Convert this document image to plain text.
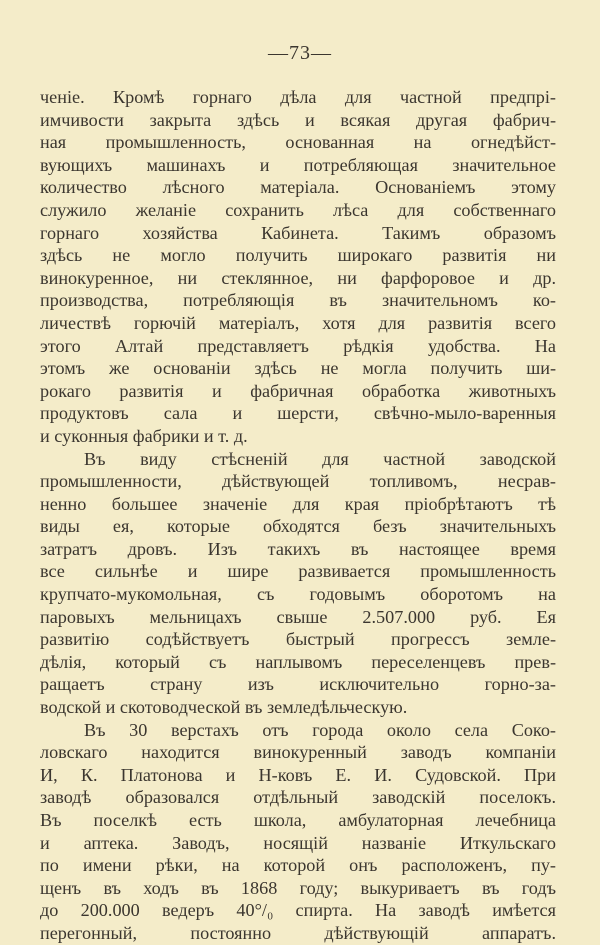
—73—
ченіе. Кромѣ горнаго дѣла для частной предпрі-
имчивости закрыта здѣсь и всякая другая фабрич-
ная промышленность, основанная на огнедѣйст-
вующихъ машинахъ и потребляющая значительное
количество лѣсного матеріала. Основаніемъ этому
служило желаніе сохранить лѣса для собственнаго
горнаго хозяйства Кабинета. Такимъ образомъ
здѣсь не могло получить широкаго развитія ни
винокуренное, ни стеклянное, ни фарфоровое и др.
производства, потребляющія въ значительномъ ко-
личествѣ горючій матеріалъ, хотя для развитія всего
этого Алтай представляетъ рѣдкія удобства. На
этомъ же основаніи здѣсь не могла получить ши-
рокаго развитія и фабричная обработка животныхъ
продуктовъ сала и шерсти, свѣчно-мыло-варенныя
и суконныя фабрики и т. д.
Въ виду стѣсненій для частной заводской
промышленности, дѣйствующей топливомъ, несрав-
ненно большее значеніе для края пріобрѣтаютъ тѣ
виды ея, которые обходятся безъ значительныхъ
затратъ дровъ. Изъ такихъ въ настоящее время
все сильнѣе и шире развивается промышленность
крупчато-мукомольная, съ годовымъ оборотомъ на
паровыхъ мельницахъ свыше 2.507.000 руб. Ея
развитію содѣйствуетъ быстрый прогрессъ земле-
дѣлія, который съ наплывомъ переселенцевъ прев-
ращаетъ страну изъ исключительно горно-за-
водской и скотоводческой въ земледѣльческую.
Въ 30 верстахъ отъ города около села Соко-
ловскаго находится винокуренный заводъ компаніи
И, К. Платонова и Н-ковъ Е. И. Судовской. При
заводѣ образовался отдѣльный заводскій поселокъ.
Въ поселкѣ есть школа, амбулаторная лечебница
и аптека. Заводъ, носящій названіе Иткульскаго
по имени рѣки, на которой онъ расположенъ, пу-
щенъ въ ходъ въ 1868 году; выкуриваетъ въ годъ
до 200.000 ведеръ 40°/₀ спирта. На заводѣ имѣется
перегонный, постоянно дѣйствующій аппаратъ.
